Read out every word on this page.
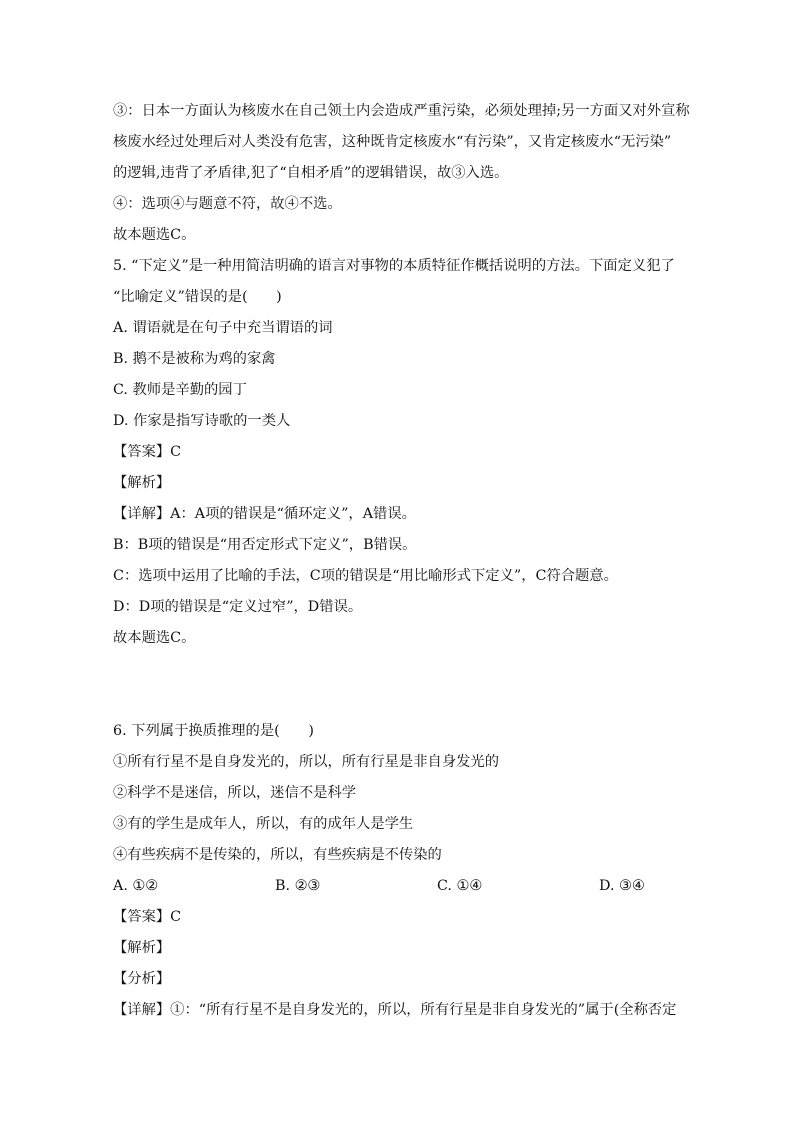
③：日本一方面认为核废水在自己领土内会造成严重污染，必须处理掉;另一方面又对外宣称
核废水经过处理后对人类没有危害，这种既肯定核废水“有污染”，又肯定核废水“无污染”
的逻辑,违背了矛盾律,犯了“自相矛盾”的逻辑错误，故③入选。
④：选项④与题意不符，故④不选。
故本题选C。
5. “下定义”是一种用简洁明确的语言对事物的本质特征作概括说明的方法。下面定义犯了
“比喻定义”错误的是(　　)
A. 谓语就是在句子中充当谓语的词
B. 鹅不是被称为鸡的家禽
C. 教师是辛勤的园丁
D. 作家是指写诗歌的一类人
【答案】C
【解析】
【详解】A：A项的错误是“循环定义”，A错误。
B：B项的错误是“用否定形式下定义”，B错误。
C：选项中运用了比喻的手法，C项的错误是“用比喻形式下定义”，C符合题意。
D：D项的错误是“定义过窄”，D错误。
故本题选C。
6. 下列属于换质推理的是(　　)
①所有行星不是自身发光的，所以，所有行星是非自身发光的
②科学不是迷信，所以，迷信不是科学
③有的学生是成年人，所以，有的成年人是学生
④有些疾病不是传染的，所以，有些疾病是不传染的
A. ①②	B. ②③	C. ①④	D. ③④
【答案】C
【解析】
【分析】
【详解】①：“所有行星不是自身发光的，所以，所有行星是非自身发光的”属于(全称否定
